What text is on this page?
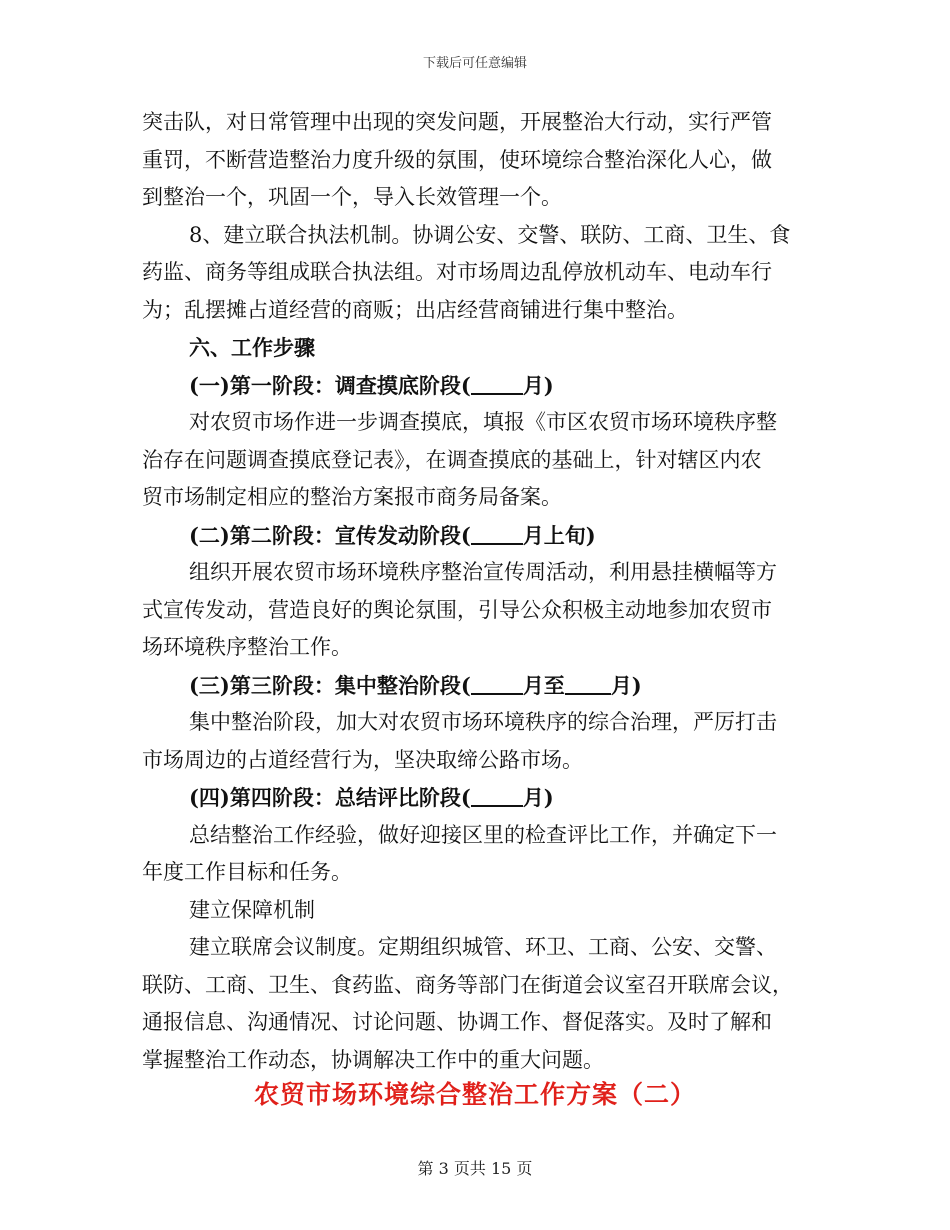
下载后可任意编辑
突击队，对日常管理中出现的突发问题，开展整治大行动，实行严管
重罚，不断营造整治力度升级的氛围，使环境综合整治深化人心，做
到整治一个，巩固一个，导入长效管理一个。
8、建立联合执法机制。协调公安、交警、联防、工商、卫生、食
药监、商务等组成联合执法组。对市场周边乱停放机动车、电动车行
为；乱摆摊占道经营的商贩；出店经营商铺进行集中整治。
六、工作步骤
(一)第一阶段：调查摸底阶段( 月)
对农贸市场作进一步调查摸底，填报《市区农贸市场环境秩序整
治存在问题调查摸底登记表》，在调查摸底的基础上，针对辖区内农
贸市场制定相应的整治方案报市商务局备案。
(二)第二阶段：宣传发动阶段( 月上旬)
组织开展农贸市场环境秩序整治宣传周活动，利用悬挂横幅等方
式宣传发动，营造良好的舆论氛围，引导公众积极主动地参加农贸市
场环境秩序整治工作。
(三)第三阶段：集中整治阶段( 月至 月)
集中整治阶段，加大对农贸市场环境秩序的综合治理，严厉打击
市场周边的占道经营行为，坚决取缔公路市场。
(四)第四阶段：总结评比阶段( 月)
总结整治工作经验，做好迎接区里的检查评比工作，并确定下一
年度工作目标和任务。
建立保障机制
建立联席会议制度。定期组织城管、环卫、工商、公安、交警、
联防、工商、卫生、食药监、商务等部门在街道会议室召开联席会议，
通报信息、沟通情况、讨论问题、协调工作、督促落实。及时了解和
掌握整治工作动态，协调解决工作中的重大问题。
农贸市场环境综合整治工作方案（二）
第 3 页共 15 页
